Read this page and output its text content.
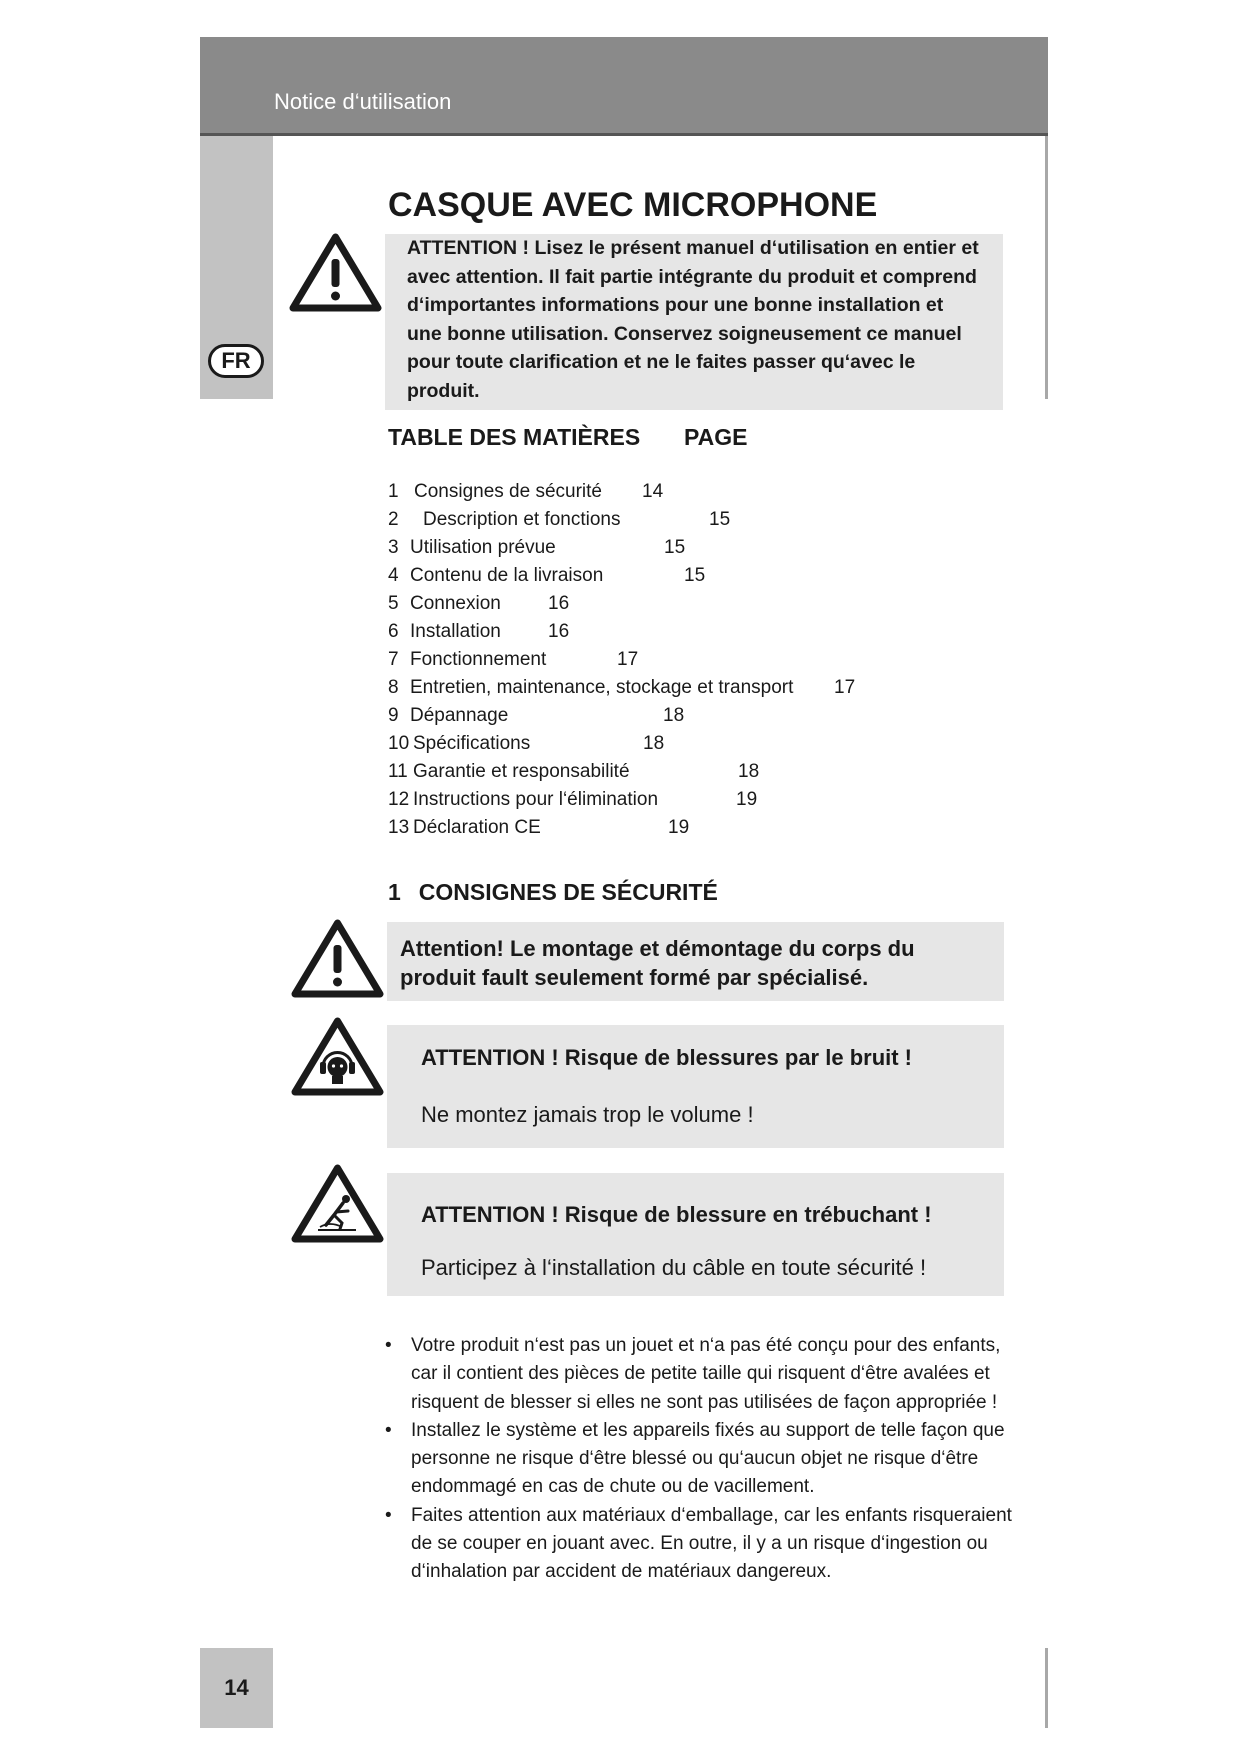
Notice d‘utilisation
FR
CASQUE AVEC MICROPHONE

ATTENTION ! Lisez le présent manuel d‘utilisation en entier et avec attention. Il fait partie intégrante du produit et comprend d‘importantes informations pour une bonne installation et une bonne utilisation. Conservez soigneusement ce manuel pour toute clarification et ne le faites passer qu‘avec le produit.

TABLE DES MATIÈRES PAGE
1 Consignes de sécurité 14
2 Description et fonctions	15
3 Utilisation prévue	15
4 Contenu de la livraison	15
5 Connexion 16
6 Installation 16
7 Fonctionnement	17
8 Entretien, maintenance, stockage et transport 17
9 Dépannage	18
10 Spécifications	18
11 Garantie et responsabilité	18
12 Instructions pour l‘élimination	19
13 Déclaration CE	19
1 CONSIGNES DE SÉCURITÉ

Attention! Le montage et démontage du corps du produit fault seulement formé par spécialisé.

ATTENTION ! Risque de blessures par le bruit !
Ne montez jamais trop le volume !
ATTENTION ! Risque de blessure en trébuchant !
Participez à l‘installation du câble en toute sécurité !
• Votre produit n‘est pas un jouet et n‘a pas été conçu pour des enfants, car il contient des pièces de petite taille qui risquent d‘être avalées et risquent de blesser si elles ne sont pas utilisées de façon appropriée !
• Installez le système et les appareils fixés au support de telle façon que personne ne risque d‘être blessé ou qu‘aucun objet ne risque d‘être endommagé en cas de chute ou de vacillement.
• Faites attention aux matériaux d‘emballage, car les enfants risqueraient de se couper en jouant avec. En outre, il y a un risque d‘ingestion ou d‘inhalation par accident de matériaux dangereux.
14
